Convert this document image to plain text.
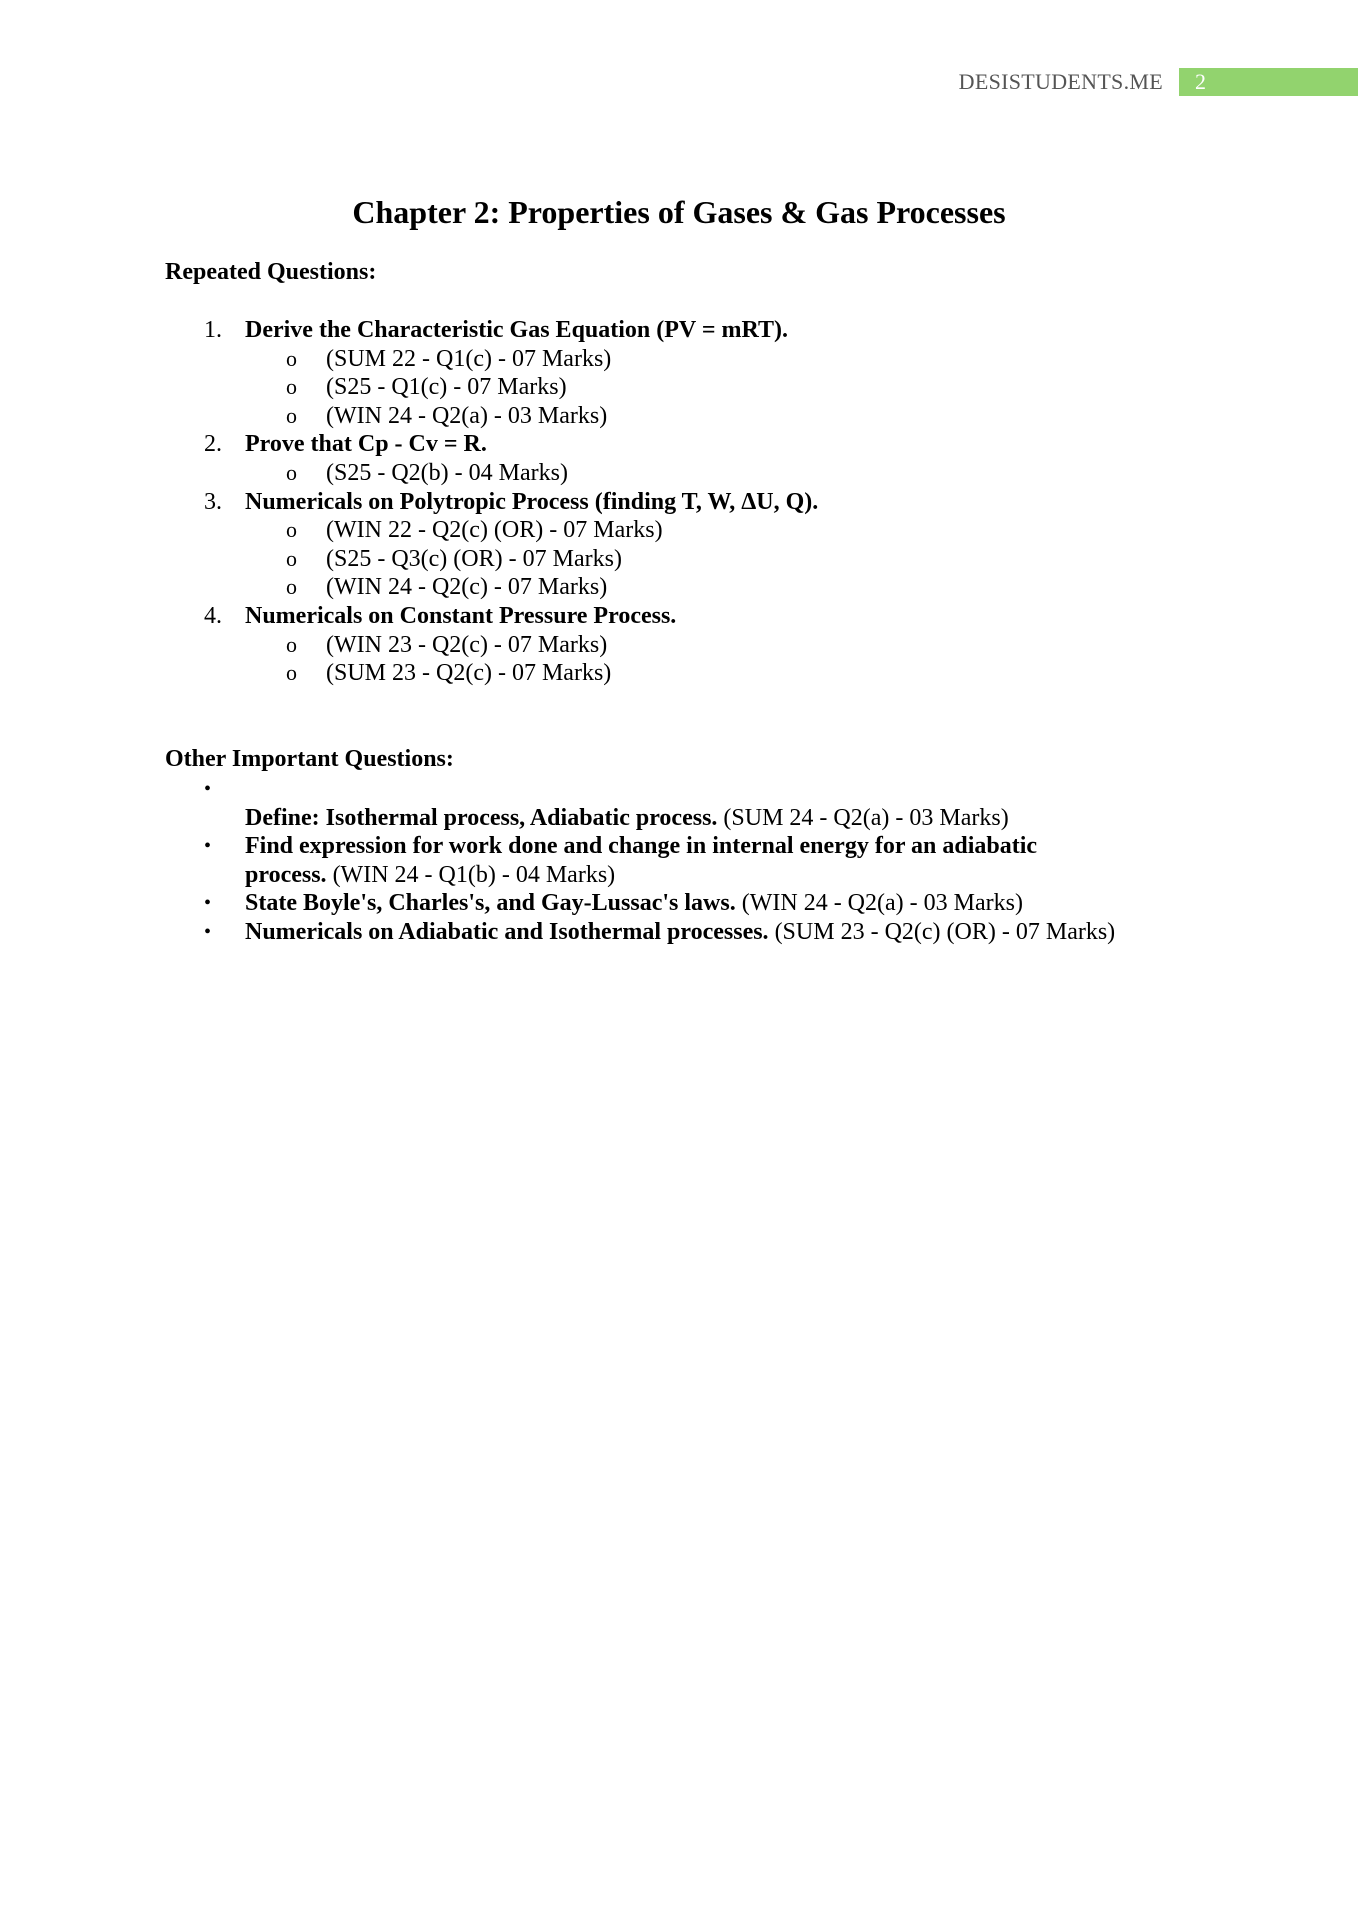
DESISTUDENTS.ME	2
Chapter 2: Properties of Gases & Gas Processes

Repeated Questions:

1. Derive the Characteristic Gas Equation (PV = mRT).
o (SUM 22 - Q1(c) - 07 Marks)
o (S25 - Q1(c) - 07 Marks)
o (WIN 24 - Q2(a) - 03 Marks)
2. Prove that Cp - Cv = R.
o (S25 - Q2(b) - 04 Marks)
3. Numericals on Polytropic Process (finding T, W, ΔU, Q).
o (WIN 22 - Q2(c) (OR) - 07 Marks)
o (S25 - Q3(c) (OR) - 07 Marks)
o (WIN 24 - Q2(c) - 07 Marks)
4. Numericals on Constant Pressure Process.
o (WIN 23 - Q2(c) - 07 Marks)
o (SUM 23 - Q2(c) - 07 Marks)

Other Important Questions:

•
Define: Isothermal process, Adiabatic process. (SUM 24 - Q2(a) - 03 Marks)
• Find expression for work done and change in internal energy for an adiabatic
process. (WIN 24 - Q1(b) - 04 Marks)
• State Boyle's, Charles's, and Gay-Lussac's laws. (WIN 24 - Q2(a) - 03 Marks)
• Numericals on Adiabatic and Isothermal processes. (SUM 23 - Q2(c) (OR) - 07 Marks)
